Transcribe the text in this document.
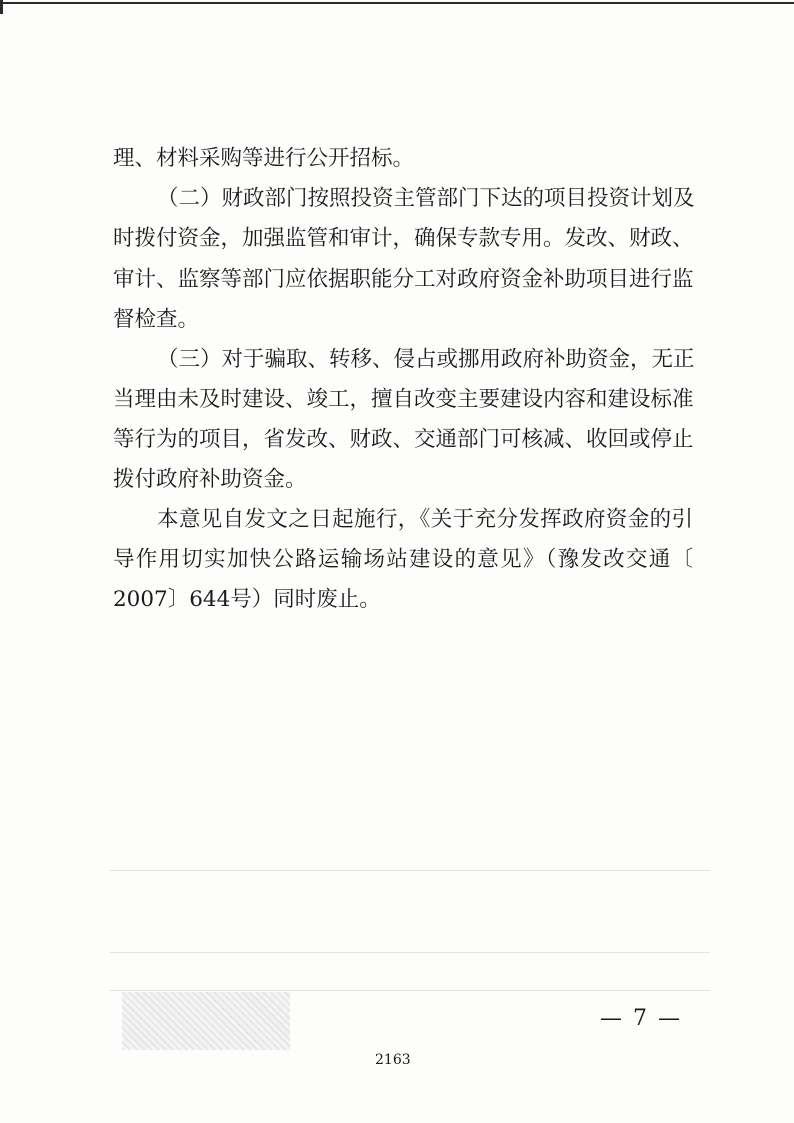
理、材料采购等进行公开招标。
（二）财政部门按照投资主管部门下达的项目投资计划及
时拨付资金，加强监管和审计，确保专款专用。发改、财政、
审计、监察等部门应依据职能分工对政府资金补助项目进行监
督检查。
（三）对于骗取、转移、侵占或挪用政府补助资金，无正
当理由未及时建设、竣工，擅自改变主要建设内容和建设标准
等行为的项目，省发改、财政、交通部门可核减、收回或停止
拨付政府补助资金。
本意见自发文之日起施行，《关于充分发挥政府资金的引
导作用切实加快公路运输场站建设的意见》（豫发改交通〔
2007〕644号）同时废止。
— 7 —
2163
